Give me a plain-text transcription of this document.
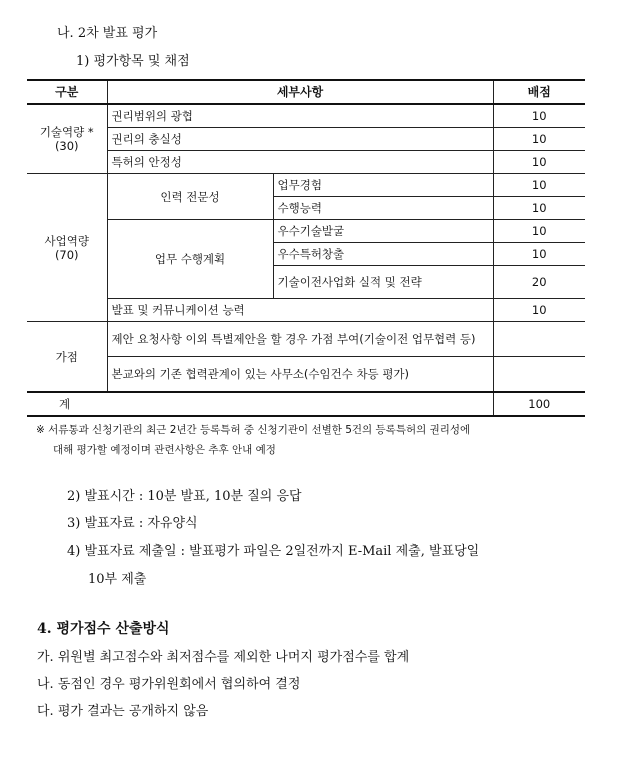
나. 2차 발표 평가
1) 평가항목 및 채점
구분	세부사항		배점

기술역량 *
(30)	권리범위의 광협		10
	권리의 충실성		10
	특허의 안정성		10

사업역량
(70)	인력 전문성	업무경험	10
		수행능력	10
	업무 수행계획	우수기술발굴	10
		우수특허창출	10
		기술이전사업화 실적 및 전략	20
	발표 및 커뮤니케이션 능력		10
가점	제안 요청사항 이외 특별제안을 할 경우 가점 부여(기술이전 업무협력 등)		
	본교와의 기존 협력관계이 있는 사무소(수임건수 차등 평가)		
계			100
※ 서류통과 신청기관의 최근 2년간 등록특허 중 신청기관이 선별한 5건의 등록특허의 권리성에
대해 평가할 예정이며 관련사항은 추후 안내 예정
2) 발표시간 : 10분 발표, 10분 질의 응답
3) 발표자료 : 자유양식
4) 발표자료 제출일 : 발표평가 파일은 2일전까지 E-Mail 제출, 발표당일
10부 제출
4. 평가점수 산출방식
가. 위원별 최고점수와 최저점수를 제외한 나머지 평가점수를 합계
나. 동점인 경우 평가위원회에서 협의하여 결정
다. 평가 결과는 공개하지 않음
